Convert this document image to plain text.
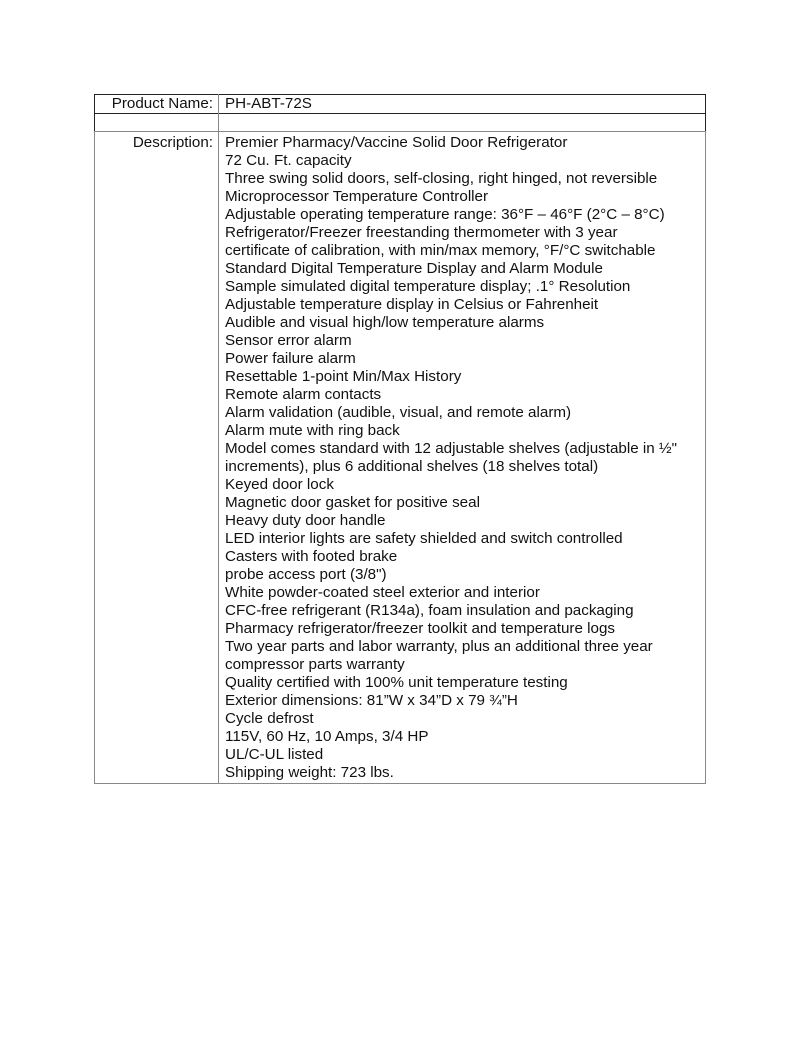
Product Name:	PH-ABT-72S

Description:	Premier Pharmacy/Vaccine Solid Door Refrigerator
72 Cu. Ft. capacity
Three swing solid doors, self-closing, right hinged, not reversible
Microprocessor Temperature Controller
Adjustable operating temperature range: 36°F – 46°F (2°C – 8°C)
Refrigerator/Freezer freestanding thermometer with 3 year
certificate of calibration, with min/max memory, °F/°C switchable
Standard Digital Temperature Display and Alarm Module
Sample simulated digital temperature display; .1° Resolution
Adjustable temperature display in Celsius or Fahrenheit
Audible and visual high/low temperature alarms
Sensor error alarm
Power failure alarm
Resettable 1-point Min/Max History
Remote alarm contacts
Alarm validation (audible, visual, and remote alarm)
Alarm mute with ring back
Model comes standard with 12 adjustable shelves (adjustable in ½"
increments), plus 6 additional shelves (18 shelves total)
Keyed door lock
Magnetic door gasket for positive seal
Heavy duty door handle
LED interior lights are safety shielded and switch controlled
Casters with footed brake
probe access port (3/8")
White powder-coated steel exterior and interior
CFC-free refrigerant (R134a), foam insulation and packaging
Pharmacy refrigerator/freezer toolkit and temperature logs
Two year parts and labor warranty, plus an additional three year
compressor parts warranty
Quality certified with 100% unit temperature testing
Exterior dimensions: 81”W x 34”D x 79 ¾”H
Cycle defrost
115V, 60 Hz, 10 Amps, 3/4 HP
UL/C-UL listed
Shipping weight: 723 lbs.
